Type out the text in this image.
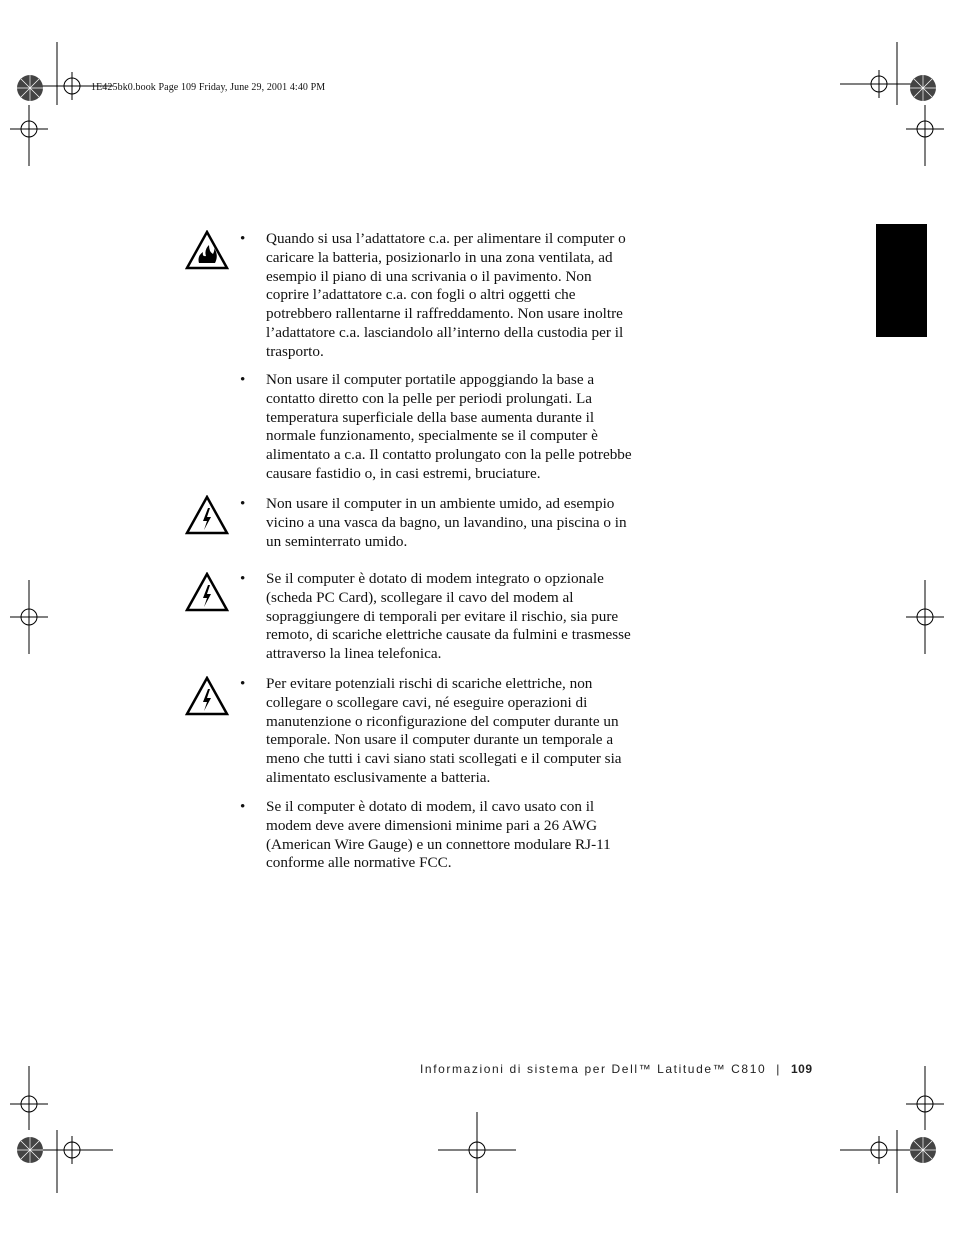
1E425bk0.book Page 109 Friday, June 29, 2001 4:40 PM
• Quando si usa l’adattatore c.a. per alimentare il computer o caricare la batteria, posizionarlo in una zona ventilata, ad esempio il piano di una scrivania o il pavimento. Non coprire l’adattatore c.a. con fogli o altri oggetti che potrebbero rallentarne il raffreddamento. Non usare inoltre l’adattatore c.a. lasciandolo all’interno della custodia per il trasporto.
• Non usare il computer portatile appoggiando la base a contatto diretto con la pelle per periodi prolungati. La temperatura superficiale della base aumenta durante il normale funzionamento, specialmente se il computer è alimentato a c.a. Il contatto prolungato con la pelle potrebbe causare fastidio o, in casi estremi, bruciature.
• Non usare il computer in un ambiente umido, ad esempio vicino a una vasca da bagno, un lavandino, una piscina o in un seminterrato umido.
• Se il computer è dotato di modem integrato o opzionale (scheda PC Card), scollegare il cavo del modem al sopraggiungere di temporali per evitare il rischio, sia pure remoto, di scariche elettriche causate da fulmini e trasmesse attraverso la linea telefonica.
• Per evitare potenziali rischi di scariche elettriche, non collegare o scollegare cavi, né eseguire operazioni di manutenzione o riconfigurazione del computer durante un temporale. Non usare il computer durante un temporale a meno che tutti i cavi siano stati scollegati e il computer sia alimentato esclusivamente a batteria.
• Se il computer è dotato di modem, il cavo usato con il modem deve avere dimensioni minime pari a 26 AWG (American Wire Gauge) e un connettore modulare RJ-11 conforme alle normative FCC.
Informazioni di sistema per Dell™ Latitude™ C810 | 109
